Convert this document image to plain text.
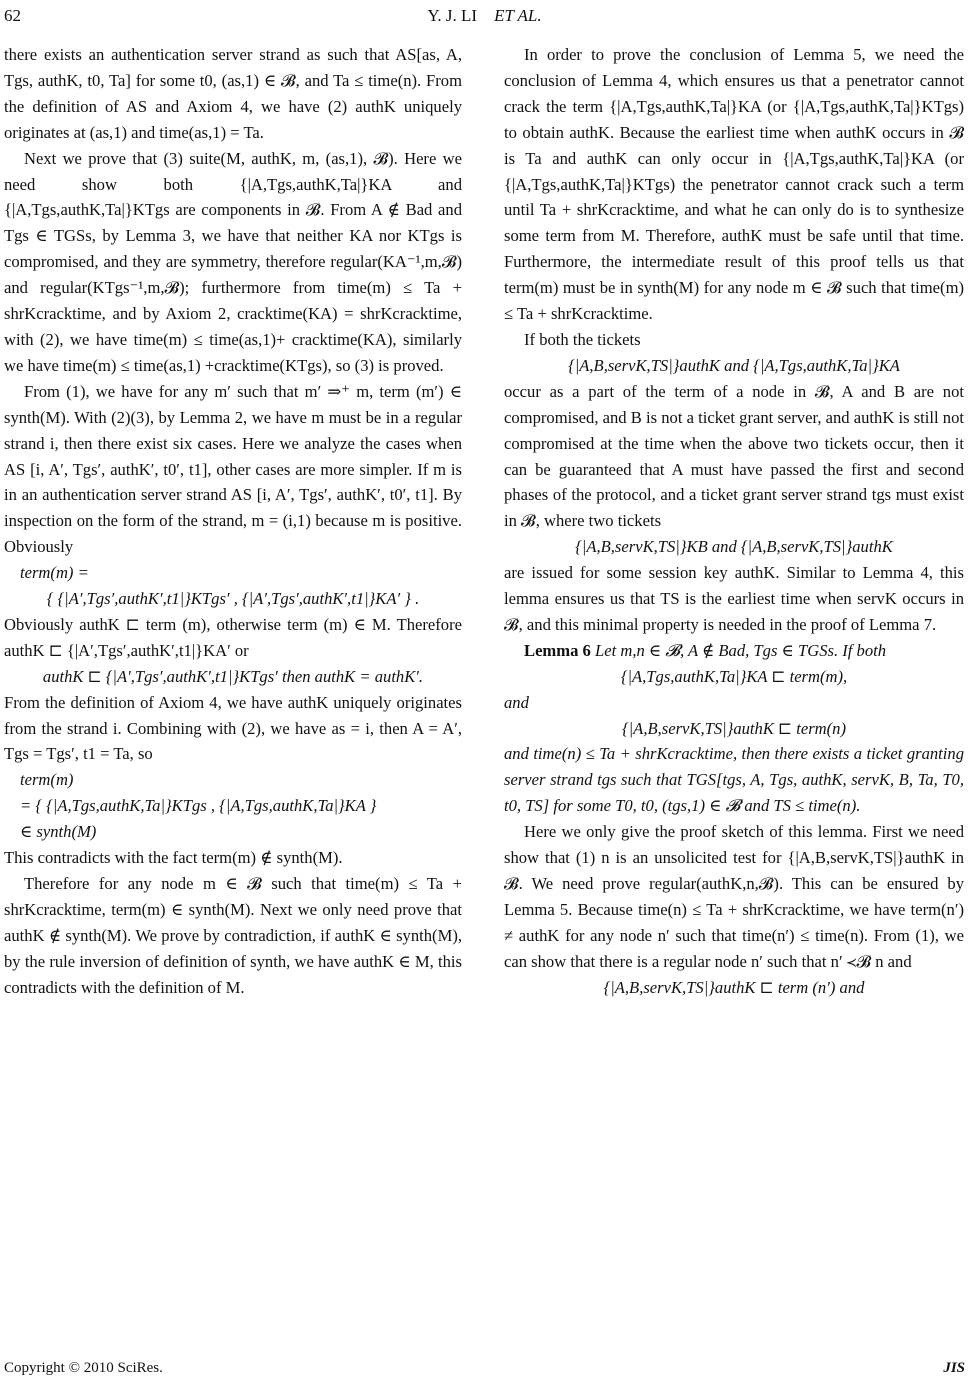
62	Y. J. LI ET AL.

there exists an authentication server strand as such that AS[as, A, Tgs, authK, t0, Ta] for some t0, (as,1) ∈ 𝓑, and Ta ≤ time(n). From the definition of AS and Axiom 4, we have (2) authK uniquely originates at (as,1) and time(as,1) = Ta.

Next we prove that (3) suite(M, authK, m, (as,1), 𝓑). Here we need show both {|A,Tgs,authK,Ta|}KA and {|A,Tgs,authK,Ta|}KTgs are components in 𝓑. From A ∉ Bad and Tgs ∈ TGSs, by Lemma 3, we have that neither KA nor KTgs is compromised, and they are symmetry, therefore regular(KA⁻¹,m,𝓑) and regular(KTgs⁻¹,m,𝓑); furthermore from time(m) ≤ Ta + shrKcracktime, and by Axiom 2, cracktime(KA) = shrKcracktime, with (2), we have time(m) ≤ time(as,1)+ cracktime(KA), similarly we have time(m) ≤ time(as,1) +cracktime(KTgs), so (3) is proved.

From (1), we have for any m′ such that m′ ⇒⁺ m, term (m′) ∈ synth(M). With (2)(3), by Lemma 2, we have m must be in a regular strand i, then there exist six cases. Here we analyze the cases when AS [i, A′, Tgs′, authK′, t0′, t1], other cases are more simpler. If m is in an authentication server strand AS [i, A′, Tgs′, authK′, t0′, t1]. By inspection on the form of the strand, m = (i,1) because m is positive. Obviously

term(m) =

{ {|A′,Tgs′,authK′,t1|}KTgs′ , {|A′,Tgs′,authK′,t1|}KA′ } .

Obviously authK ⊏ term (m), otherwise term (m) ∈ M. Therefore authK ⊏ {|A′,Tgs′,authK′,t1|}KA′ or

authK ⊏ {|A′,Tgs′,authK′,t1|}KTgs′ then authK = authK′.

From the definition of Axiom 4, we have authK uniquely originates from the strand i. Combining with (2), we have as = i, then A = A′, Tgs = Tgs′, t1 = Ta, so

term(m)

= { {|A,Tgs,authK,Ta|}KTgs , {|A,Tgs,authK,Ta|}KA }

∈ synth(M)

This contradicts with the fact term(m) ∉ synth(M).

Therefore for any node m ∈ 𝓑 such that time(m) ≤ Ta + shrKcracktime, term(m) ∈ synth(M). Next we only need prove that authK ∉ synth(M). We prove by contradiction, if authK ∈ synth(M), by the rule inversion of definition of synth, we have authK ∈ M, this contradicts with the definition of M.

In order to prove the conclusion of Lemma 5, we need the conclusion of Lemma 4, which ensures us that a penetrator cannot crack the term {|A,Tgs,authK,Ta|}KA (or {|A,Tgs,authK,Ta|}KTgs) to obtain authK. Because the earliest time when authK occurs in 𝓑 is Ta and authK can only occur in {|A,Tgs,authK,Ta|}KA (or {|A,Tgs,authK,Ta|}KTgs) the penetrator cannot crack such a term until Ta + shrKcracktime, and what he can only do is to synthesize some term from M. Therefore, authK must be safe until that time. Furthermore, the intermediate result of this proof tells us that term(m) must be in synth(M) for any node m ∈ 𝓑 such that time(m) ≤ Ta + shrKcracktime.

If both the tickets

{|A,B,servK,TS|}authK and {|A,Tgs,authK,Ta|}KA

occur as a part of the term of a node in 𝓑, A and B are not compromised, and B is not a ticket grant server, and authK is still not compromised at the time when the above two tickets occur, then it can be guaranteed that A must have passed the first and second phases of the protocol, and a ticket grant server strand tgs must exist in 𝓑, where two tickets

{|A,B,servK,TS|}KB and {|A,B,servK,TS|}authK

are issued for some session key authK. Similar to Lemma 4, this lemma ensures us that TS is the earliest time when servK occurs in 𝓑, and this minimal property is needed in the proof of Lemma 7.

Lemma 6 Let m,n ∈ 𝓑, A ∉ Bad, Tgs ∈ TGSs. If both

{|A,Tgs,authK,Ta|}KA ⊏ term(m),

and

{|A,B,servK,TS|}authK ⊏ term(n)

and time(n) ≤ Ta + shrKcracktime, then there exists a ticket granting server strand tgs such that TGS[tgs, A, Tgs, authK, servK, B, Ta, T0, t0, TS] for some T0, t0, (tgs,1) ∈ 𝓑 and TS ≤ time(n).

Here we only give the proof sketch of this lemma. First we need show that (1) n is an unsolicited test for {|A,B,servK,TS|}authK in 𝓑. We need prove regular(authK,n,𝓑). This can be ensured by Lemma 5. Because time(n) ≤ Ta + shrKcracktime, we have term(n′) ≠ authK for any node n′ such that time(n′) ≤ time(n). From (1), we can show that there is a regular node n′ such that n′ ≺𝓑 n and

{|A,B,servK,TS|}authK ⊏ term (n′) and

Copyright © 2010 SciRes.	JIS
